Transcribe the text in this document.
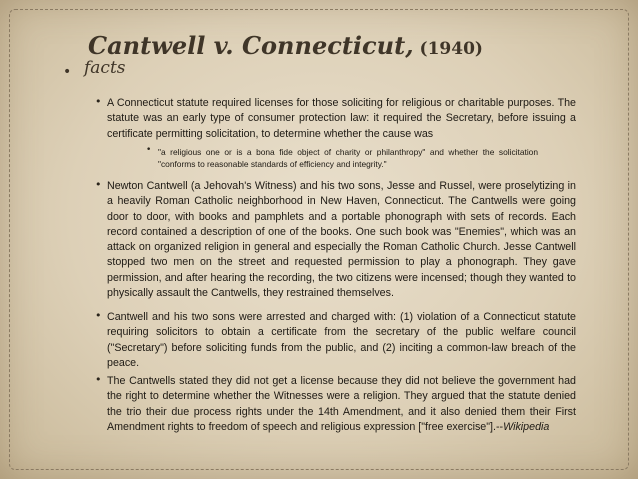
Cantwell v. Connecticut, (1940)
• facts
• A Connecticut statute required licenses for those soliciting for religious or charitable purposes. The statute was an early type of consumer protection law: it required the Secretary, before issuing a certificate permitting solicitation, to determine whether the cause was

• "a religious one or is a bona fide object of charity or philanthropy" and whether the solicitation "conforms to reasonable standards of efficiency and integrity."

• Newton Cantwell (a Jehovah's Witness) and his two sons, Jesse and Russel, were proselytizing in a heavily Roman Catholic neighborhood in New Haven, Connecticut. The Cantwells were going door to door, with books and pamphlets and a portable phonograph with sets of records. Each record contained a description of one of the books. One such book was "Enemies", which was an attack on organized religion in general and especially the Roman Catholic Church. Jesse Cantwell stopped two men on the street and requested permission to play a phonograph. They gave permission, and after hearing the recording, the two citizens were incensed; though they wanted to physically assault the Cantwells, they restrained themselves.

• Cantwell and his two sons were arrested and charged with: (1) violation of a Connecticut statute requiring solicitors to obtain a certificate from the secretary of the public welfare council ("Secretary") before soliciting funds from the public, and (2) inciting a common-law breach of the peace.

• The Cantwells stated they did not get a license because they did not believe the government had the right to determine whether the Witnesses were a religion. They argued that the statute denied the trio their due process rights under the 14th Amendment, and it also denied them their First Amendment rights to freedom of speech and religious expression ["free exercise"].--Wikipedia
